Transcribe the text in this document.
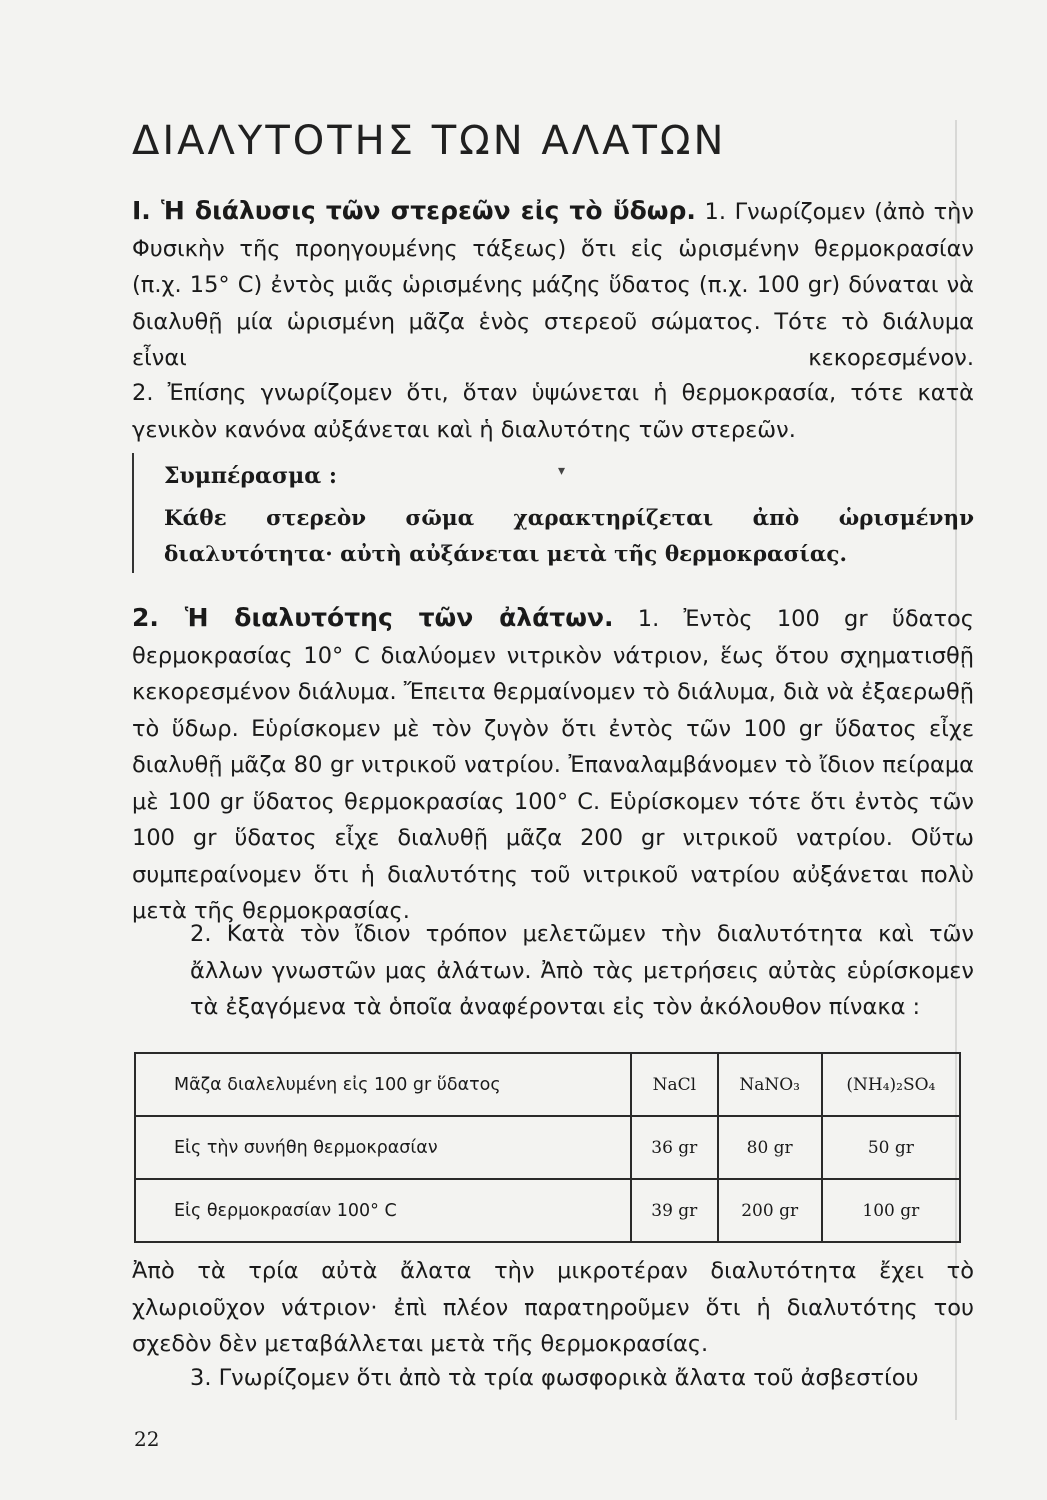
ΔΙΑΛΥΤΟΤΗΣ ΤΩΝ ΑΛΑΤΩΝ

Ι. Ἡ διάλυσις τῶν στερεῶν εἰς τὸ ὕδωρ. 1. Γνωρίζομεν (ἀπὸ τὴν Φυσικὴν τῆς προηγουμένης τάξεως) ὅτι εἰς ὡρισμένην θερμοκρασίαν (π.χ. 15° C) ἐντὸς μιᾶς ὡρισμένης μάζης ὕδατος (π.χ. 100 gr) δύναται νὰ διαλυθῇ μία ὡρισμένη μᾶζα ἑνὸς στερεοῦ σώματος. Τότε τὸ διάλυμα εἶναι κεκορεσμένον.

2. Ἐπίσης γνωρίζομεν ὅτι, ὅταν ὑψώνεται ἡ θερμοκρασία, τότε κατὰ γενικὸν κανόνα αὐξάνεται καὶ ἡ διαλυτότης τῶν στερεῶν.

Συμπέρασμα :

Κάθε στερεὸν σῶμα χαρακτηρίζεται ἀπὸ ὡρισμένην διαλυτότητα· αὐτὴ αὐξάνεται μετὰ τῆς θερμοκρασίας.

▾

2. Ἡ διαλυτότης τῶν ἀλάτων. 1. Ἐντὸς 100 gr ὕδατος θερμοκρασίας 10° C διαλύομεν νιτρικὸν νάτριον, ἕως ὅτου σχηματισθῇ κεκορεσμένον διάλυμα. Ἔπειτα θερμαίνομεν τὸ διάλυμα, διὰ νὰ ἐξαερωθῇ τὸ ὕδωρ. Εὑρίσκομεν μὲ τὸν ζυγὸν ὅτι ἐντὸς τῶν 100 gr ὕδατος εἶχε διαλυθῇ μᾶζα 80 gr νιτρικοῦ νατρίου. Ἐπαναλαμβάνομεν τὸ ἴδιον πείραμα μὲ 100 gr ὕδατος θερμοκρασίας 100° C. Εὑρίσκομεν τότε ὅτι ἐντὸς τῶν 100 gr ὕδατος εἶχε διαλυθῇ μᾶζα 200 gr νιτρικοῦ νατρίου. Οὕτω συμπεραίνομεν ὅτι ἡ διαλυτότης τοῦ νιτρικοῦ νατρίου αὐξάνεται πολὺ μετὰ τῆς θερμοκρασίας.

2. Κατὰ τὸν ἴδιον τρόπον μελετῶμεν τὴν διαλυτότητα καὶ τῶν ἄλλων γνωστῶν μας ἀλάτων. Ἀπὸ τὰς μετρήσεις αὐτὰς εὑρίσκομεν τὰ ἐξαγόμενα τὰ ὁποῖα ἀναφέρονται εἰς τὸν ἀκόλουθον πίνακα :

Μᾶζα διαλελυμένη εἰς 100 gr ὕδατος	NaCl	NaNO₃	(NH₄)₂SO₄
Εἰς τὴν συνήθη θερμοκρασίαν	36 gr	80 gr	50 gr
Εἰς θερμοκρασίαν 100° C	39 gr	200 gr	100 gr

Ἀπὸ τὰ τρία αὐτὰ ἄλατα τὴν μικροτέραν διαλυτότητα ἔχει τὸ χλωριοῦχον νάτριον· ἐπὶ πλέον παρατηροῦμεν ὅτι ἡ διαλυτότης του σχεδὸν δὲν μεταβάλλεται μετὰ τῆς θερμοκρασίας.

3. Γνωρίζομεν ὅτι ἀπὸ τὰ τρία φωσφορικὰ ἄλατα τοῦ ἀσβεστίου

22
